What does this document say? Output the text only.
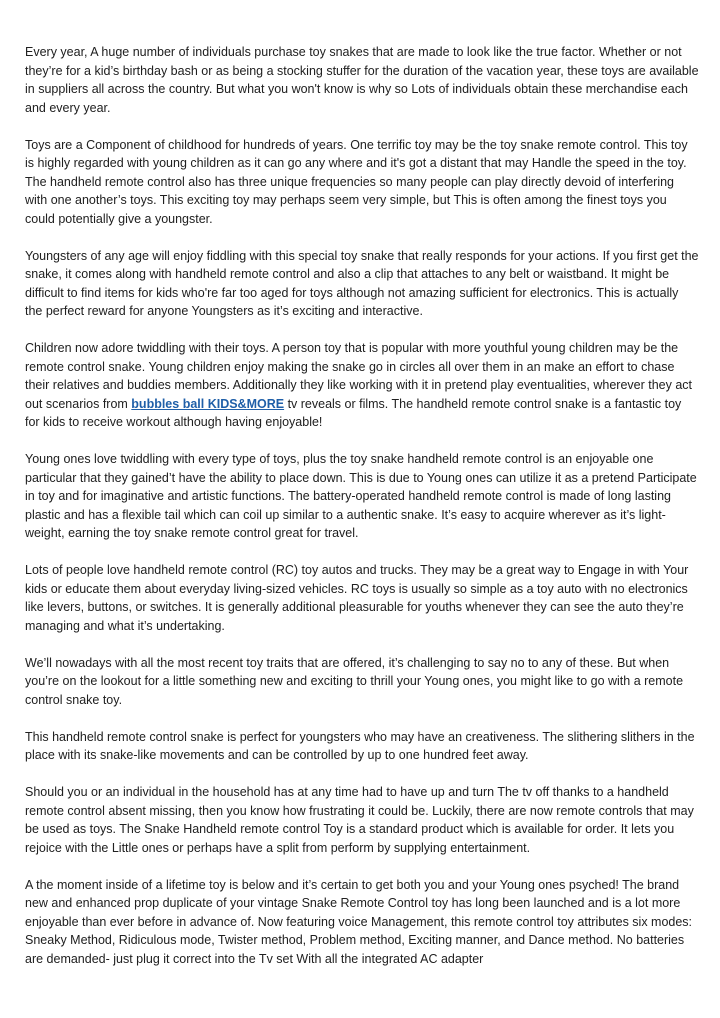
Every year, A huge number of individuals purchase toy snakes that are made to look like the true factor. Whether or not they’re for a kid’s birthday bash or as being a stocking stuffer for the duration of the vacation year, these toys are available in suppliers all across the country. But what you won't know is why so Lots of individuals obtain these merchandise each and every year.

Toys are a Component of childhood for hundreds of years. One terrific toy may be the toy snake remote control. This toy is highly regarded with young children as it can go any where and it's got a distant that may Handle the speed in the toy. The handheld remote control also has three unique frequencies so many people can play directly devoid of interfering with one another’s toys. This exciting toy may perhaps seem very simple, but This is often among the finest toys you could potentially give a youngster.

Youngsters of any age will enjoy fiddling with this special toy snake that really responds for your actions. If you first get the snake, it comes along with handheld remote control and also a clip that attaches to any belt or waistband. It might be difficult to find items for kids who're far too aged for toys although not amazing sufficient for electronics. This is actually the perfect reward for anyone Youngsters as it’s exciting and interactive.

Children now adore twiddling with their toys. A person toy that is popular with more youthful young children may be the remote control snake. Young children enjoy making the snake go in circles all over them in an make an effort to chase their relatives and buddies members. Additionally they like working with it in pretend play eventualities, wherever they act out scenarios from bubbles ball KIDS&MORE tv reveals or films. The handheld remote control snake is a fantastic toy for kids to receive workout although having enjoyable!

Young ones love twiddling with every type of toys, plus the toy snake handheld remote control is an enjoyable one particular that they gained’t have the ability to place down. This is due to Young ones can utilize it as a pretend Participate in toy and for imaginative and artistic functions. The battery-operated handheld remote control is made of long lasting plastic and has a flexible tail which can coil up similar to a authentic snake. It’s easy to acquire wherever as it’s light-weight, earning the toy snake remote control great for travel.

Lots of people love handheld remote control (RC) toy autos and trucks. They may be a great way to Engage in with Your kids or educate them about everyday living-sized vehicles. RC toys is usually so simple as a toy auto with no electronics like levers, buttons, or switches. It is generally additional pleasurable for youths whenever they can see the auto they’re managing and what it’s undertaking.

We’ll nowadays with all the most recent toy traits that are offered, it’s challenging to say no to any of these. But when you’re on the lookout for a little something new and exciting to thrill your Young ones, you might like to go with a remote control snake toy.

This handheld remote control snake is perfect for youngsters who may have an creativeness. The slithering slithers in the place with its snake-like movements and can be controlled by up to one hundred feet away.

Should you or an individual in the household has at any time had to have up and turn The tv off thanks to a handheld remote control absent missing, then you know how frustrating it could be. Luckily, there are now remote controls that may be used as toys. The Snake Handheld remote control Toy is a standard product which is available for order. It lets you rejoice with the Little ones or perhaps have a split from perform by supplying entertainment.

A the moment inside of a lifetime toy is below and it’s certain to get both you and your Young ones psyched! The brand new and enhanced prop duplicate of your vintage Snake Remote Control toy has long been launched and is a lot more enjoyable than ever before in advance of. Now featuring voice Management, this remote control toy attributes six modes: Sneaky Method, Ridiculous mode, Twister method, Problem method, Exciting manner, and Dance method. No batteries are demanded- just plug it correct into the Tv set With all the integrated AC adapter
